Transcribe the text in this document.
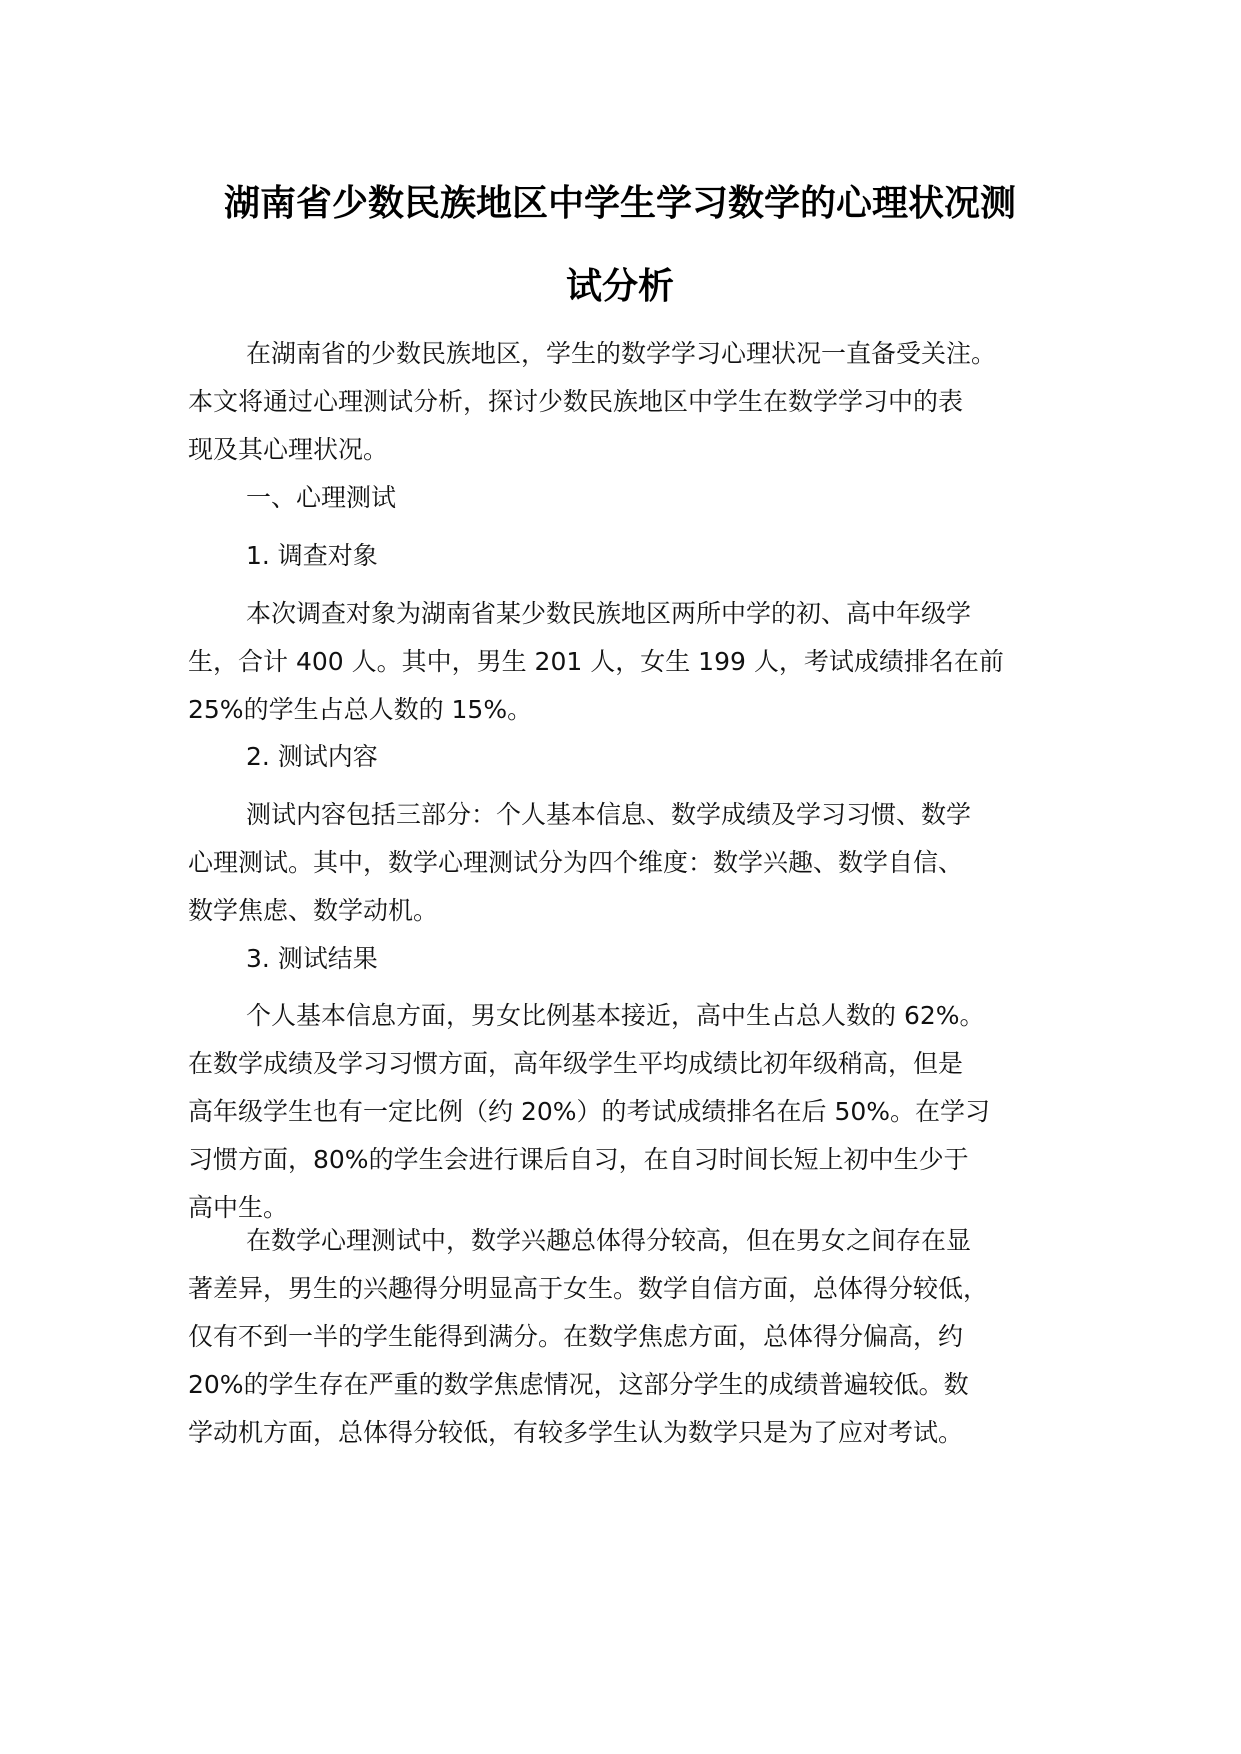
湖南省少数民族地区中学生学习数学的心理状况测
试分析
在湖南省的少数民族地区，学生的数学学习心理状况一直备受关注。
本文将通过心理测试分析，探讨少数民族地区中学生在数学学习中的表
现及其心理状况。
一、心理测试
1. 调查对象
本次调查对象为湖南省某少数民族地区两所中学的初、高中年级学
生，合计 400 人。其中，男生 201 人，女生 199 人，考试成绩排名在前
25%的学生占总人数的 15%。
2. 测试内容
测试内容包括三部分：个人基本信息、数学成绩及学习习惯、数学
心理测试。其中，数学心理测试分为四个维度：数学兴趣、数学自信、
数学焦虑、数学动机。
3. 测试结果
个人基本信息方面，男女比例基本接近，高中生占总人数的 62%。
在数学成绩及学习习惯方面，高年级学生平均成绩比初年级稍高，但是
高年级学生也有一定比例（约 20%）的考试成绩排名在后 50%。在学习
习惯方面，80%的学生会进行课后自习，在自习时间长短上初中生少于
高中生。
在数学心理测试中，数学兴趣总体得分较高，但在男女之间存在显
著差异，男生的兴趣得分明显高于女生。数学自信方面，总体得分较低，
仅有不到一半的学生能得到满分。在数学焦虑方面，总体得分偏高，约
20%的学生存在严重的数学焦虑情况，这部分学生的成绩普遍较低。数
学动机方面，总体得分较低，有较多学生认为数学只是为了应对考试。
